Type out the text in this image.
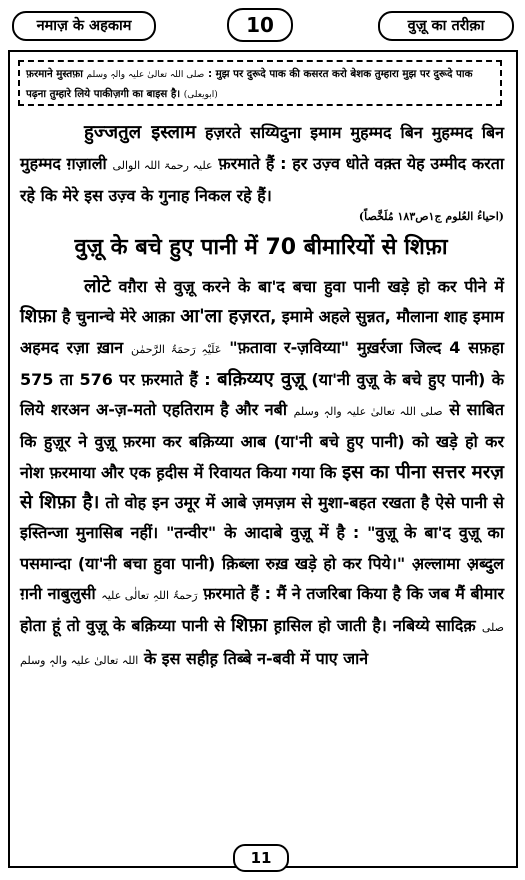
नमाज़ के अहकाम	10	वुज़ू का तरीक़ा
फ़रमाने मुस्तफ़ा صلی اللہ تعالیٰ علیہ والہٖ وسلم : मुझ पर दुरूदे पाक की कसरत करो बेशक तुम्हारा मुझ पर दुरूदे पाक पढ़ना तुम्हारे लिये पाकीज़गी का बाइस है। (ابویعلی)

हुज्जतुल इस्लाम हज़रते सय्यिदुना इमाम मुहम्मद बिन मुहम्मद बिन मुहम्मद ग़ज़ाली علیہ رحمۃ اللہ الوالی फ़रमाते हैं : हर उज़्व धोते वक़्त येह उम्मीद करता रहे कि मेरे इस उज़्व के गुनाह निकल रहे हैं।

(احیاءُ العُلوم ج۱ص۱۸۳ مُلَخَّصاً)
वुज़ू के बचे हुए पानी में 70 बीमारियों से शिफ़ा

लोटे वग़ैरा से वुज़ू करने के बा'द बचा हुवा पानी खड़े हो कर पीने में शिफ़ा है चुनान्चे मेरे आक़ा आ'ला हज़रत, इमामे अहले सुन्नत, मौलाना शाह इमाम अहमद रज़ा ख़ान عَلَیْہِ رَحمَۃُ الرَّحمٰن "फ़तावा र-ज़विय्या" मुख़र्रजा जिल्द 4 सफ़हा 575 ता 576 पर फ़रमाते हैं : बक़िय्यए वुज़ू (या'नी वुज़ू के बचे हुए पानी) के लिये शरअन अ-ज़-मतो एहतिराम है और नबी صلی اللہ تعالیٰ علیہ والہٖ وسلم से साबित कि हुज़ूर ने वुज़ू फ़रमा कर बक़िय्या आब (या'नी बचे हुए पानी) को खड़े हो कर नोश फ़रमाया और एक ह़दीस में रिवायत किया गया कि इस का पीना सत्तर मरज़ से शिफ़ा है। तो वोह इन उमूर में आबे ज़मज़म से मुशा-बहत रखता है ऐसे पानी से इस्तिन्जा मुनासिब नहीं। "तन्वीर" के आदाबे वुज़ू में है : "वुज़ू के बा'द वुज़ू का पसमान्दा (या'नी बचा हुवा पानी) क़िब्ला रुख़ खड़े हो कर पिये।" अ़ल्लामा अ़ब्दुल ग़नी नाबुलुसी رَحمۃُ اللہِ تعالٰی علیہ फ़रमाते हैं : मैं ने तजरिबा किया है कि जब मैं बीमार होता हूं तो वुज़ू के बक़िय्या पानी से शिफ़ा ह़ासिल हो जाती है। नबिय्ये सादिक़ صلی اللہ تعالیٰ علیہ والہٖ وسلم के इस सहीह़ तिब्बे न-बवी में पाए जाने

11
